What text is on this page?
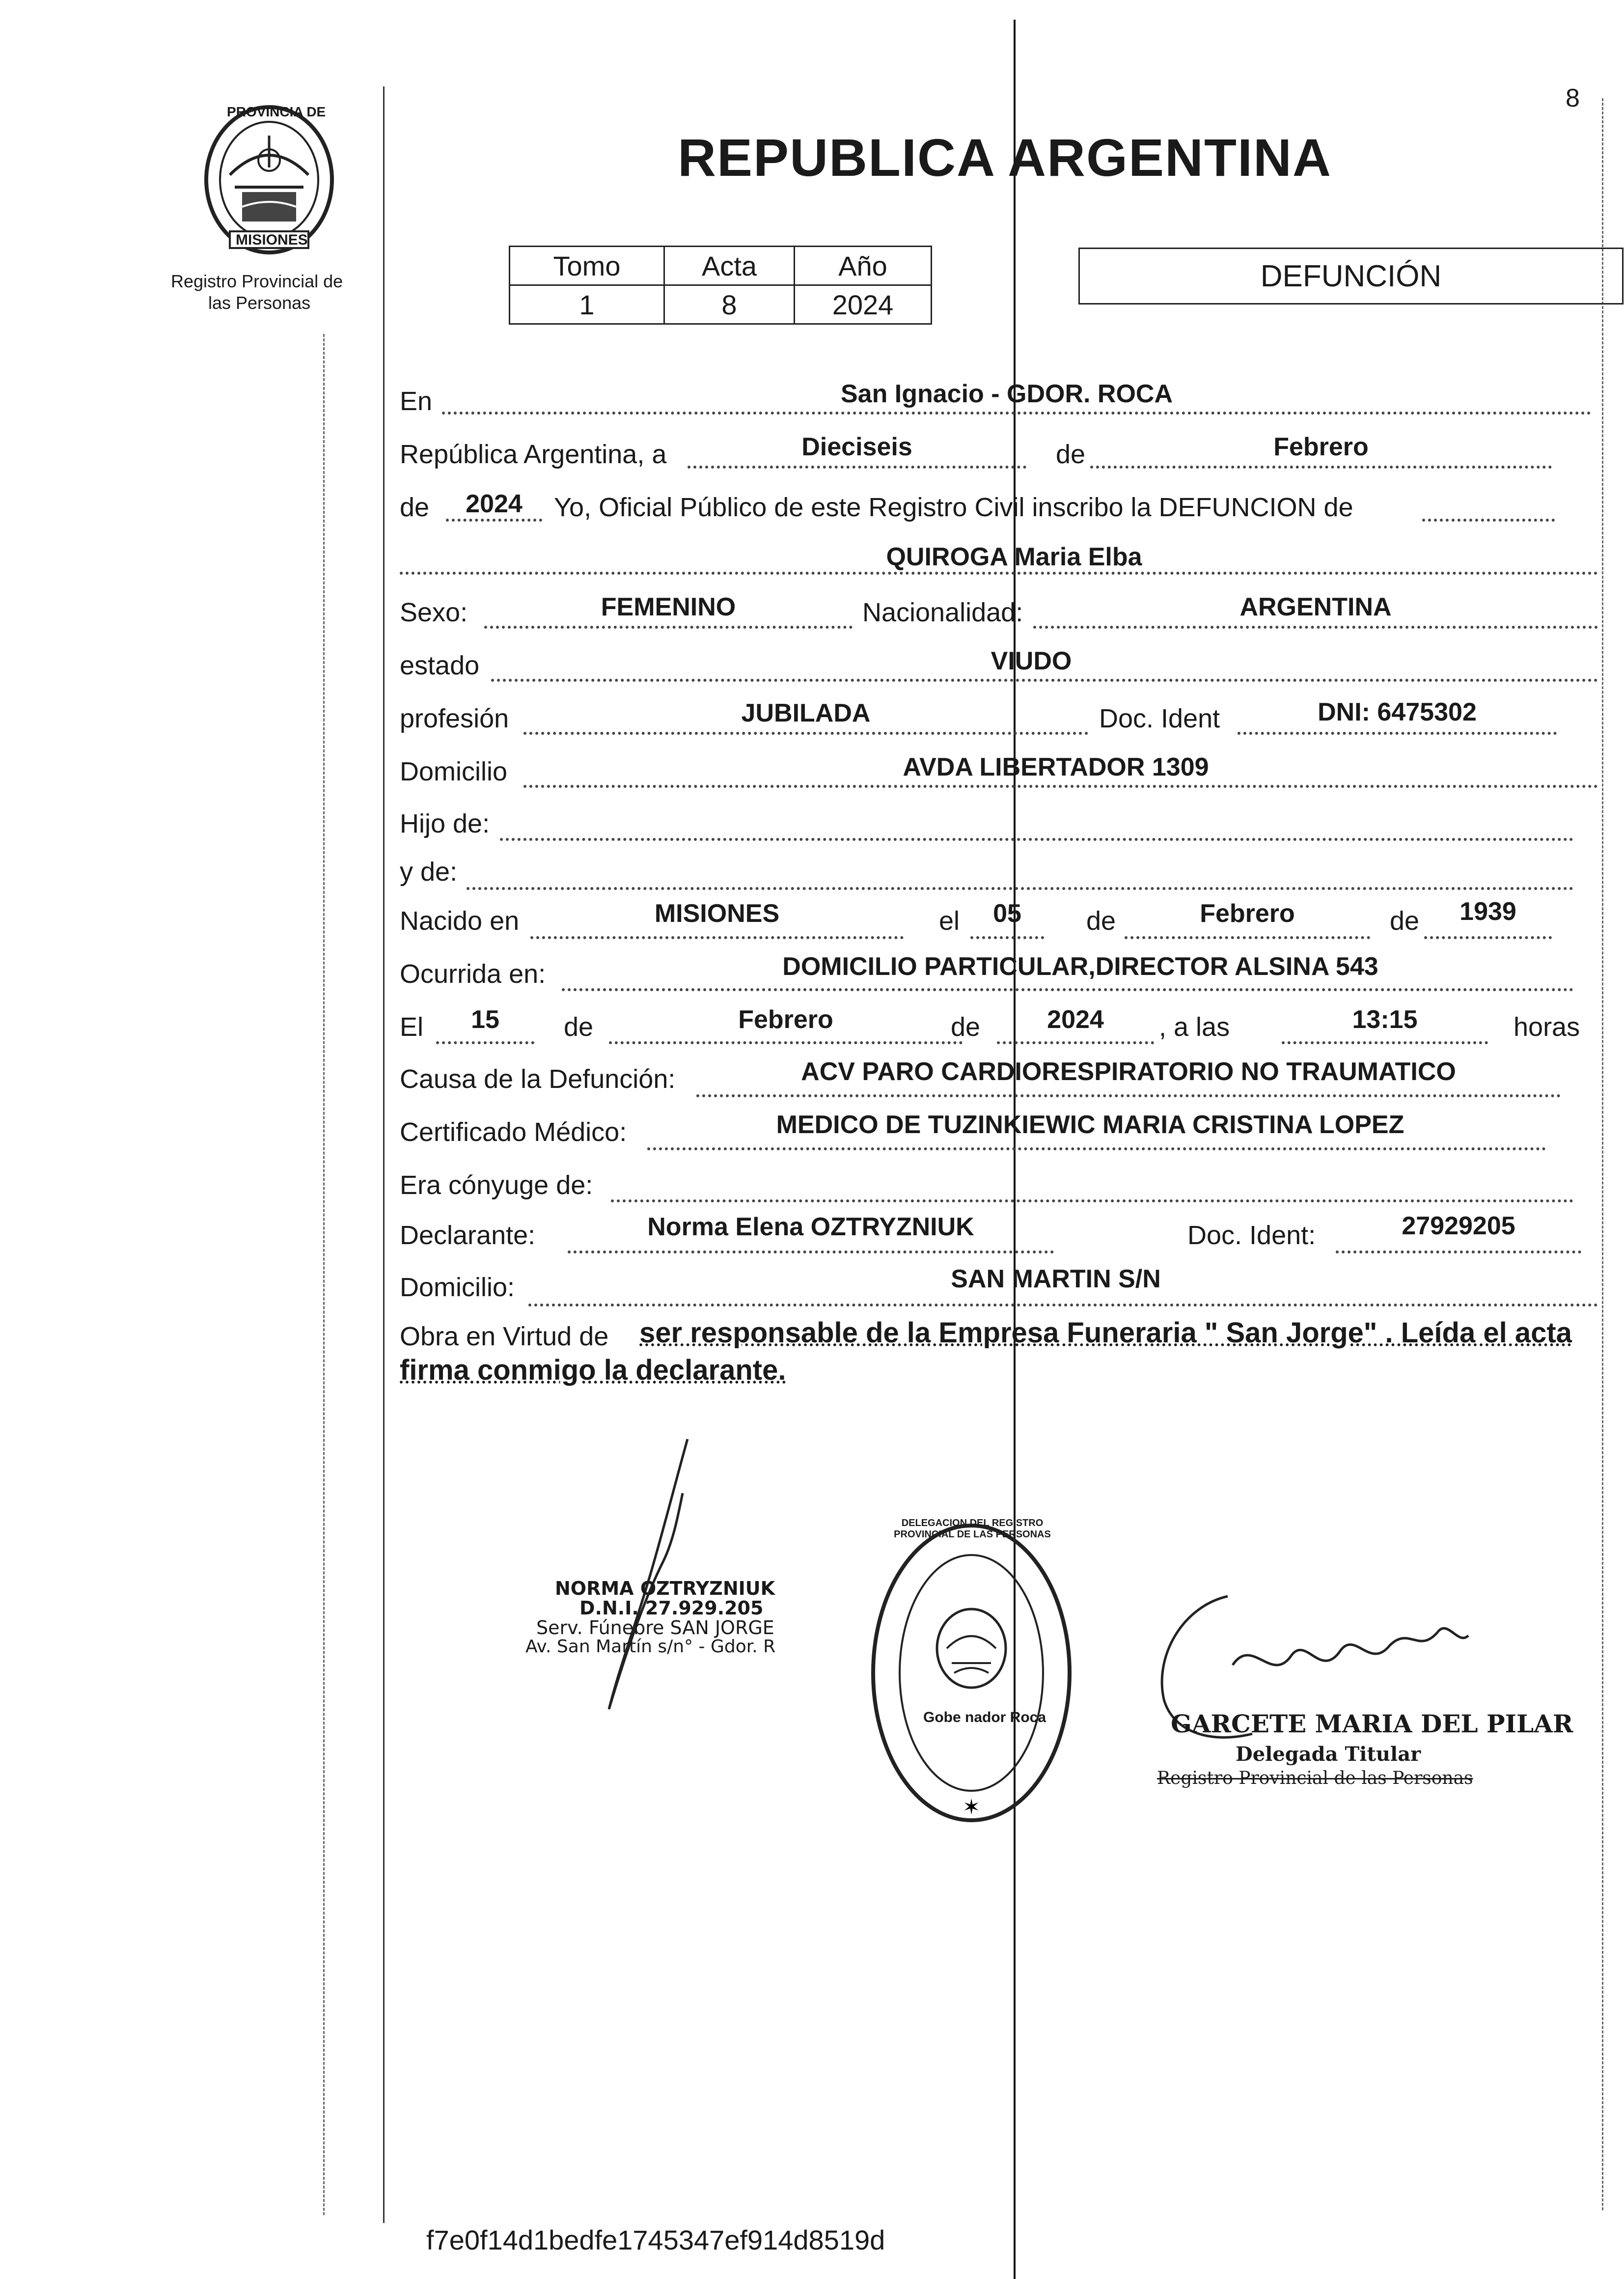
PROVINCIA DE
MISIONES
Registro Provincial de
las Personas
8
REPUBLICA ARGENTINA
Tomo	Acta	Año
1	8	2024
DEFUNCIÓN
En	San Ignacio - GDOR. ROCA
República Argentina, a	Dieciseis	de	Febrero
de	2024	Yo, Oficial Público de este Registro Civil inscribo la DEFUNCION de
QUIROGA Maria Elba
Sexo:	FEMENINO	Nacionalidad:	ARGENTINA
estado	VIUDO
profesión	JUBILADA	Doc. Ident	DNI: 6475302
Domicilio	AVDA LIBERTADOR 1309
Hijo de:
y de:
Nacido en	MISIONES	el	05	de	Febrero	de	1939
Ocurrida en:	DOMICILIO PARTICULAR,DIRECTOR ALSINA 543
El	15	de	Febrero	de	2024	, a las	13:15	horas
Causa de la Defunción:	ACV PARO CARDIORESPIRATORIO NO TRAUMATICO
Certificado Médico:	MEDICO DE TUZINKIEWIC MARIA CRISTINA LOPEZ
Era cónyuge de:
Declarante:	Norma Elena OZTRYZNIUK	Doc. Ident:	27929205
Domicilio:	SAN MARTIN S/N
Obra en Virtud de ser responsable de la Empresa Funeraria " San Jorge" . Leída el acta
firma conmigo la declarante.
NORMA OZTRYZNIUK
D.N.I. 27.929.205
Serv. Fúnebre SAN JORGE
Av. San Martín s/n° - Gdor. R
✶
DELEGACION DEL REGISTRO PROVINCIAL DE LAS PERSONAS
Gobe nador Roca	GARCETE MARIA DEL PILAR
Delegada Titular
Registro Provincial de las Personas
f7e0f14d1bedfe1745347ef914d8519d
